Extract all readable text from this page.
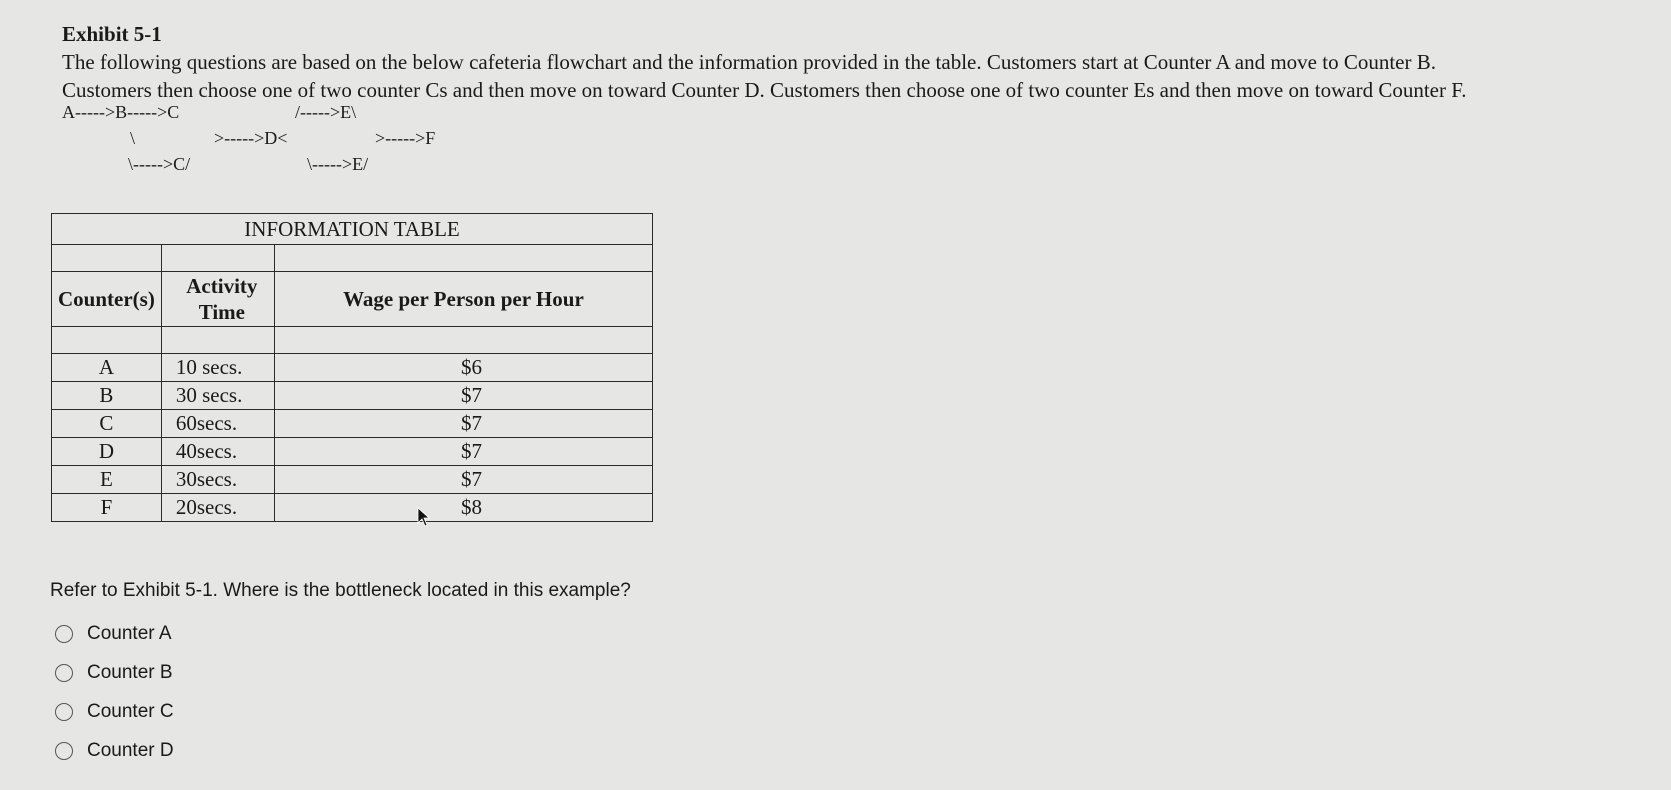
Exhibit 5-1

The following questions are based on the below cafeteria flowchart and the information provided in the table. Customers start at Counter A and move to Counter B.

Customers then choose one of two counter Cs and then move on toward Counter D. Customers then choose one of two counter Es and then move on toward Counter F.

A----->B----->C	/----->E\
\	>----->D<	>----->F
\----->C/	\----->E/
INFORMATION TABLE		

Counter(s)	Activity Time	Wage per Person per Hour

A	10 secs.	$6
B	30 secs.	$7
C	60secs.	$7
D	40secs.	$7
E	30secs.	$7
F	20secs.	$8
Refer to Exhibit 5-1. Where is the bottleneck located in this example?
Counter A
Counter B
Counter C
Counter D
